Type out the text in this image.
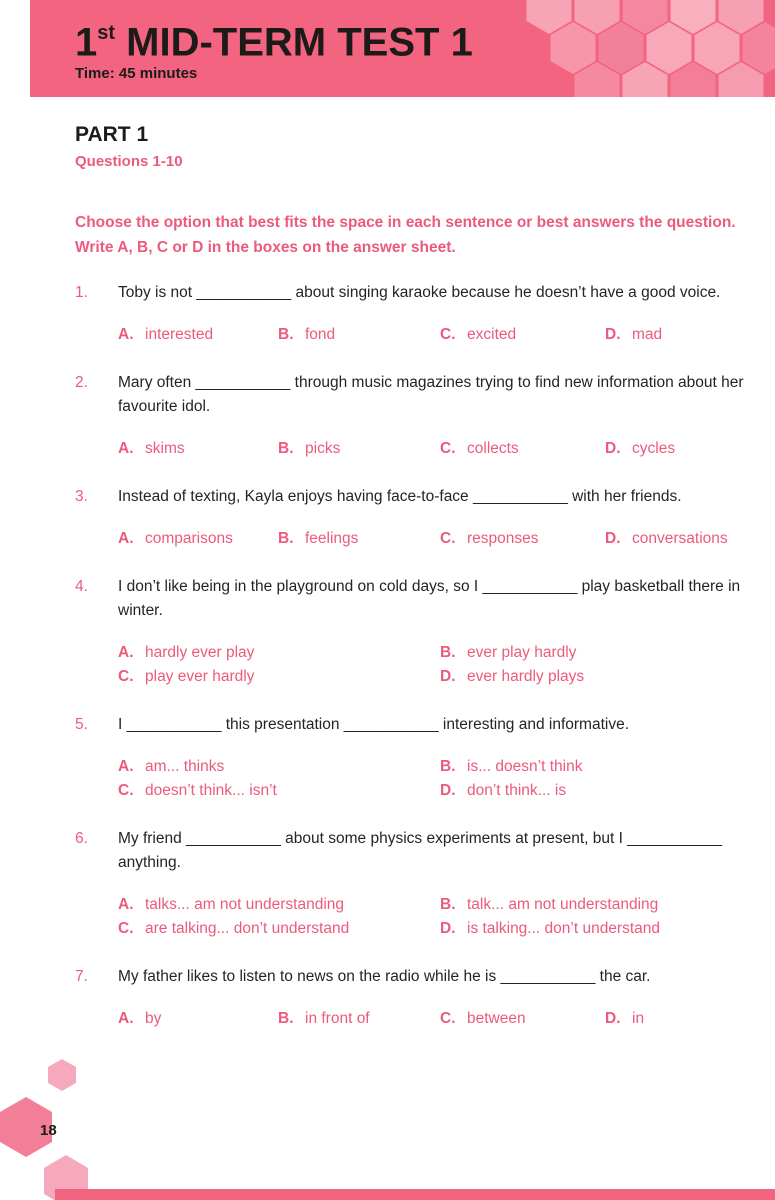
1st MID-TERM TEST 1
Time: 45 minutes
PART 1
Questions 1-10
Choose the option that best fits the space in each sentence or best answers the question. Write A, B, C or D in the boxes on the answer sheet.
1.	Toby is not ___________ about singing karaoke because he doesn’t have a good voice.
A. interested	B. fond	C. excited	D. mad
2.	Mary often ___________ through music magazines trying to find new information about her favourite idol.
A. skims	B. picks	C. collects	D. cycles
3.	Instead of texting, Kayla enjoys having face-to-face ___________ with her friends.
A. comparisons	B. feelings	C. responses	D. conversations
4.	I don’t like being in the playground on cold days, so I ___________ play basketball there in winter.
A. hardly ever play	B. ever play hardly
C. play ever hardly	D. ever hardly plays
5.	I ___________ this presentation ___________ interesting and informative.
A. am... thinks	B. is... doesn’t think
C. doesn’t think... isn’t	D. don’t think... is
6.	My friend ___________ about some physics experiments at present, but I ___________ anything.
A. talks... am not understanding	B. talk... am not understanding
C. are talking... don’t understand	D. is talking... don’t understand
7.	My father likes to listen to news on the radio while he is ___________ the car.
A. by	B. in front of	C. between	D. in
18
